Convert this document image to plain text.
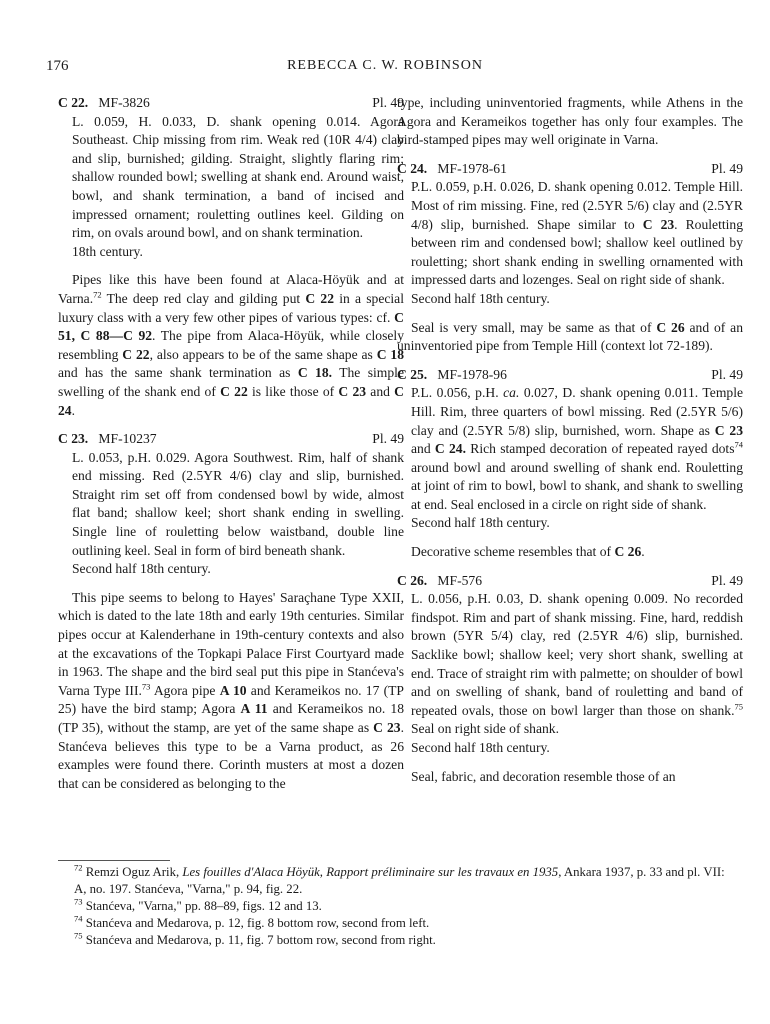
176	REBECCA C. W. ROBINSON
C 22. MF-3826	Pl. 49

L. 0.059, H. 0.033, D. shank opening 0.014. Agora Southeast. Chip missing from rim. Weak red (10R 4/4) clay and slip, burnished; gilding. Straight, slightly flaring rim; shallow rounded bowl; swelling at shank end. Around waist, bowl, and shank termination, a band of incised and impressed ornament; rouletting outlines keel. Gilding on rim, on ovals around bowl, and on shank termination.

18th century.

Pipes like this have been found at Alaca-Höyük and at Varna.$^{72}$ The deep red clay and gilding put C 22 in a special luxury class with a very few other pipes of various types: cf. C 51, C 88—C 92. The pipe from Alaca-Höyük, while closely resembling C 22, also appears to be of the same shape as C 18 and has the same shank termination as C 18. The simple swelling of the shank end of C 22 is like those of C 23 and C 24.

C 23. MF-10237	Pl. 49

L. 0.053, p.H. 0.029. Agora Southwest. Rim, half of shank end missing. Red (2.5YR 4/6) clay and slip, burnished. Straight rim set off from condensed bowl by wide, almost flat band; shallow keel; short shank ending in swelling. Single line of rouletting below waistband, double line outlining keel. Seal in form of bird beneath shank.

Second half 18th century.

This pipe seems to belong to Hayes' Saraçhane Type XXII, which is dated to the late 18th and early 19th centuries. Similar pipes occur at Kalenderhane in 19th-century contexts and also at the excavations of the Topkapi Palace First Courtyard made in 1963. The shape and the bird seal put this pipe in Stanćeva's Varna Type III.$^{73}$ Agora pipe A 10 and Kerameikos no. 17 (TP 25) have the bird stamp; Agora A 11 and Kerameikos no. 18 (TP 35), without the stamp, are yet of the same shape as C 23. Stanćeva believes this type to be a Varna product, as 26 examples were found there. Corinth musters at most a dozen that can be considered as belonging to the

type, including uninventoried fragments, while Athens in the Agora and Kerameikos together has only four examples. The bird-stamped pipes may well originate in Varna.

C 24. MF-1978-61	Pl. 49

P.L. 0.059, p.H. 0.026, D. shank opening 0.012. Temple Hill. Most of rim missing. Fine, red (2.5YR 5/6) clay and (2.5YR 4/8) slip, burnished. Shape similar to C 23. Rouletting between rim and condensed bowl; shallow keel outlined by rouletting; short shank ending in swelling ornamented with impressed darts and lozenges. Seal on right side of shank.

Second half 18th century.

Seal is very small, may be same as that of C 26 and of an uninventoried pipe from Temple Hill (context lot 72-189).

C 25. MF-1978-96	Pl. 49

P.L. 0.056, p.H. ca. 0.027, D. shank opening 0.011. Temple Hill. Rim, three quarters of bowl missing. Red (2.5YR 5/6) clay and (2.5YR 5/8) slip, burnished, worn. Shape as C 23 and C 24. Rich stamped decoration of repeated rayed dots$^{74}$ around bowl and around swelling of shank end. Rouletting at joint of rim to bowl, bowl to shank, and shank to swelling at end. Seal enclosed in a circle on right side of shank.

Second half 18th century.

Decorative scheme resembles that of C 26.

C 26. MF-576	Pl. 49

L. 0.056, p.H. 0.03, D. shank opening 0.009. No recorded findspot. Rim and part of shank missing. Fine, hard, reddish brown (5YR 5/4) clay, red (2.5YR 4/6) slip, burnished. Sacklike bowl; shallow keel; very short shank, swelling at end. Trace of straight rim with palmette; on shoulder of bowl and on swelling of shank, band of rouletting and band of repeated ovals, those on bowl larger than those on shank.$^{75}$ Seal on right side of shank.

Second half 18th century.

Seal, fabric, and decoration resemble those of an

$^{72}$ Remzi Oguz Arik, Les fouilles d'Alaca Höyük, Rapport préliminaire sur les travaux en 1935, Ankara 1937, p. 33 and pl. VII: A, no. 197. Stanćeva, "Varna," p. 94, fig. 22.

$^{73}$ Stanćeva, "Varna," pp. 88–89, figs. 12 and 13.

$^{74}$ Stanćeva and Medarova, p. 12, fig. 8 bottom row, second from left.

$^{75}$ Stanćeva and Medarova, p. 11, fig. 7 bottom row, second from right.
